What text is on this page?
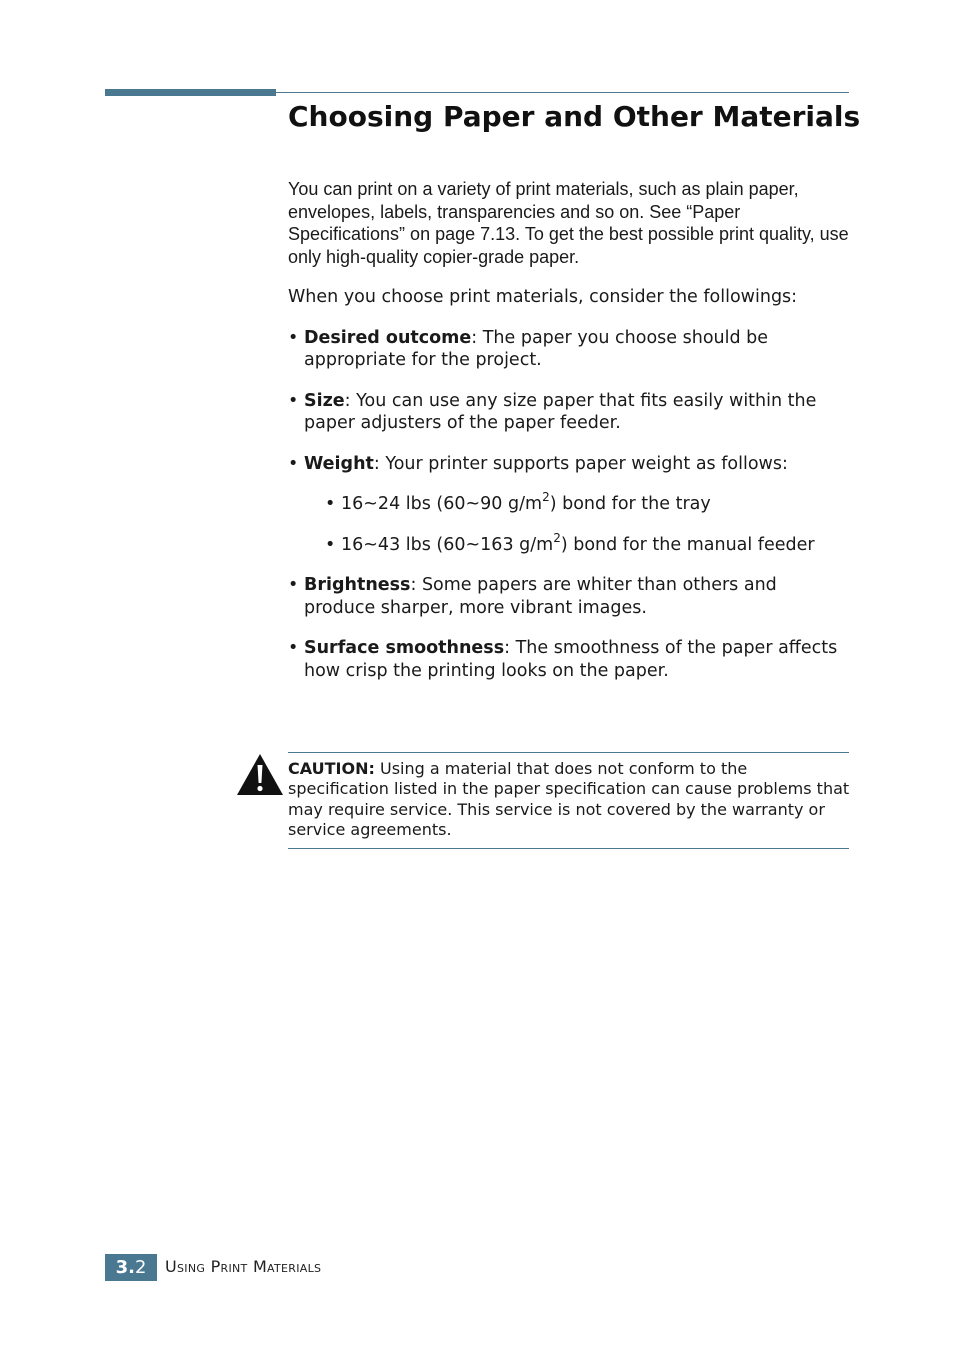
Choosing Paper and Other Materials

You can print on a variety of print materials, such as plain paper, envelopes, labels, transparencies and so on. See “Paper Specifications” on page 7.13. To get the best possible print quality, use only high-quality copier-grade paper.

When you choose print materials, consider the followings:

• Desired outcome: The paper you choose should be appropriate for the project.

• Size: You can use any size paper that fits easily within the paper adjusters of the paper feeder.

• Weight: Your printer supports paper weight as follows:

• 16~24 lbs (60~90 $g/m^2$) bond for the tray

• 16~43 lbs (60~163 $g/m^2$) bond for the manual feeder

• Brightness: Some papers are whiter than others and produce sharper, more vibrant images.

• Surface smoothness: The smoothness of the paper affects how crisp the printing looks on the paper.

CAUTION: Using a material that does not conform to the specification listed in the paper specification can cause problems that may require service. This service is not covered by the warranty or service agreements.

3.2	Using Print Materials
